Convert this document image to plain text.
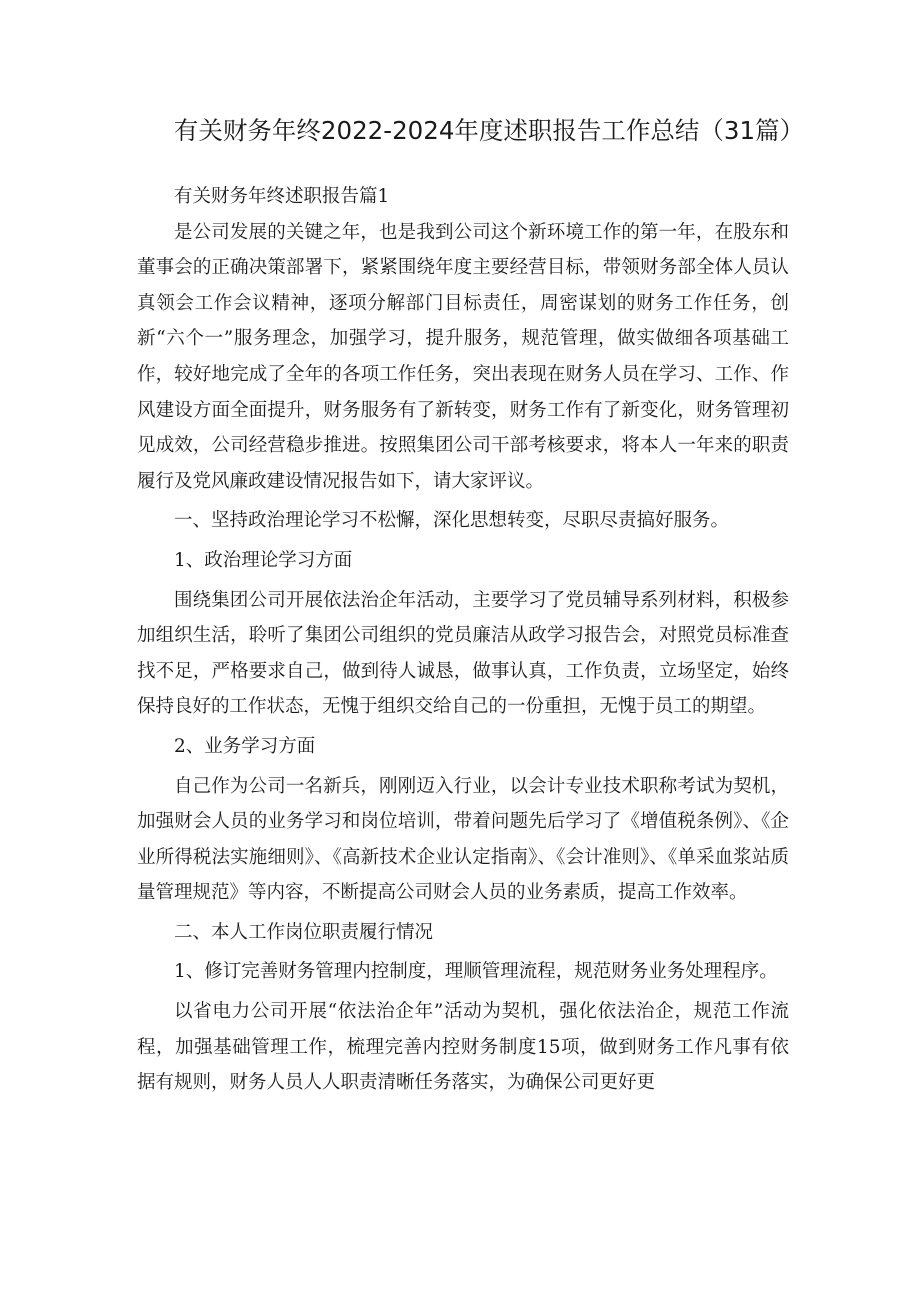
有关财务年终2022-2024年度述职报告工作总结（31篇）

有关财务年终述职报告篇1

是公司发展的关键之年，也是我到公司这个新环境工作的第一年，在股东和董事会的正确决策部署下，紧紧围绕年度主要经营目标，带领财务部全体人员认真领会工作会议精神，逐项分解部门目标责任，周密谋划的财务工作任务，创新“六个一”服务理念，加强学习，提升服务，规范管理，做实做细各项基础工作，较好地完成了全年的各项工作任务，突出表现在财务人员在学习、工作、作风建设方面全面提升，财务服务有了新转变，财务工作有了新变化，财务管理初见成效，公司经营稳步推进。按照集团公司干部考核要求，将本人一年来的职责履行及党风廉政建设情况报告如下，请大家评议。

一、坚持政治理论学习不松懈，深化思想转变，尽职尽责搞好服务。

1、政治理论学习方面

围绕集团公司开展依法治企年活动，主要学习了党员辅导系列材料，积极参加组织生活，聆听了集团公司组织的党员廉洁从政学习报告会，对照党员标准查找不足，严格要求自己，做到待人诚恳，做事认真，工作负责，立场坚定，始终保持良好的工作状态，无愧于组织交给自己的一份重担，无愧于员工的期望。

2、业务学习方面

自己作为公司一名新兵，刚刚迈入行业，以会计专业技术职称考试为契机，加强财会人员的业务学习和岗位培训，带着问题先后学习了《增值税条例》、《企业所得税法实施细则》、《高新技术企业认定指南》、《会计准则》、《单采血浆站质量管理规范》等内容，不断提高公司财会人员的业务素质，提高工作效率。

二、本人工作岗位职责履行情况

1、修订完善财务管理内控制度，理顺管理流程，规范财务业务处理程序。

以省电力公司开展“依法治企年”活动为契机，强化依法治企，规范工作流程，加强基础管理工作，梳理完善内控财务制度15项，做到财务工作凡事有依据有规则，财务人员人人职责清晰任务落实，为确保公司更好更
